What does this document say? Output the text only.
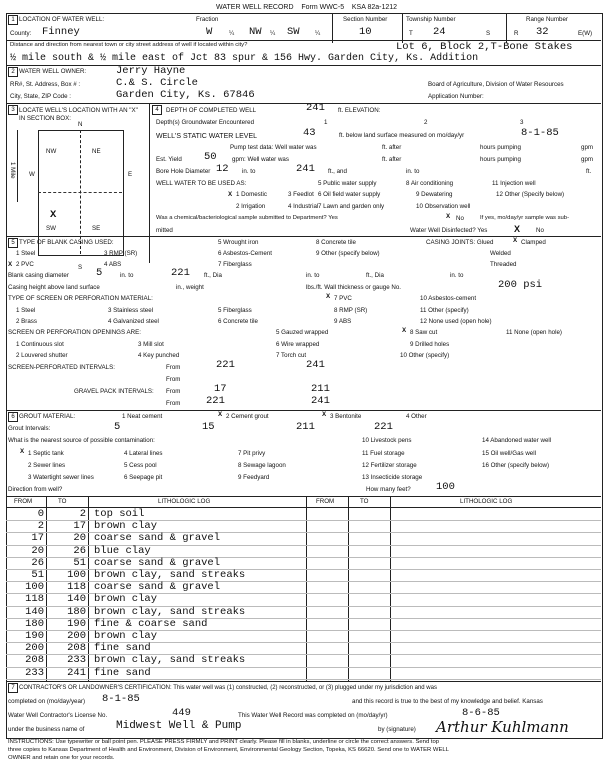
WATER WELL RECORD Form WWC-5 KSA 82a-1212
1 LOCATION OF WATER WELL:	Fraction	Section Number	Township Number	Range Number
County: Finney	W	¼ NW ¼ SW ¼	10	T 24	S	R 32	E(W)
Distance and direction from nearest town or city street address of well if located within city?	Lot 6, Block 2,T-Bone Stakes
½ mile south & ½ mile east of Jct 83 spur & 156 Hwy. Garden City, Ks. Addition
2 WATER WELL OWNER:	Jerry Hayne
RR#, St. Address, Box # :	C.& S. Circle	Board of Agriculture, Division of Water Resources
City, State, ZIP Code :	Garden City, Ks. 67846	Application Number:
3 LOCATE WELL'S LOCATION WITH AN "X" IN SECTION BOX:
N
S
W	E
1 Mile
NW	NE
SW	SE
X
4	DEPTH OF COMPLETED WELL	241 ft. ELEVATION:
Depth(s) Groundwater Encountered	1	2	3
WELL'S STATIC WATER LEVEL	43	ft. below land surface measured on mo/day/yr	8-1-85
Pump test data: Well water was	ft. after	hours pumping	gpm
Est. Yield 50 gpm: Well water was	ft. after	hours pumping	gpm
Bore Hole Diameter 12 in. to	241 ft., and	in. to	ft.
WELL WATER TO BE USED AS:
X 1 Domestic	3 Feedlot
5 Public water supply	8 Air conditioning	11 Injection well
2 Irrigation	4 Industrial
6 Oil field water supply	9 Dewatering	12 Other (Specify below)
7 Lawn and garden only	10 Observation well
Was a chemical/bacteriological sample submitted to Department? Yes	X No	If yes, mo/day/yr sample was sub-
mitted	Water Well Disinfected? Yes	X	No
5 TYPE OF BLANK CASING USED:
1 Steel	3 RMP (SR)
5 Wrought iron	8 Concrete tile
X 2 PVC	4 ABS
6 Asbestos-Cement	9 Other (specify below)
7 Fiberglass
CASING JOINTS: Glued	X Clamped
Welded
Threaded
Blank casing diameter	5	in. to	221 ft., Dia	in. to	ft., Dia	in. to
Casing height above land surface	in., weight	lbs./ft. Wall thickness or gauge No.	200 psi
TYPE OF SCREEN OR PERFORATION MATERIAL:
1 Steel	3 Stainless steel	5 Fiberglass
X 7 PVC	10 Asbestos-cement
2 Brass	4 Galvanized steel	6 Concrete tile
8 RMP (SR)	11 Other (specify)
9 ABS	12 None used (open hole)
SCREEN OR PERFORATION OPENINGS ARE:
1 Continuous slot	3 Mill slot
5 Gauzed wrapped	X 8 Saw cut	11 None (open hole)
2 Louvered shutter	4 Key punched
6 Wire wrapped	9 Drilled holes
7 Torch cut	10 Other (specify)
SCREEN-PERFORATED INTERVALS:	From	221	241
From
GRAVEL PACK INTERVALS: From	17	211
From 221	241
6 GROUT MATERIAL:	1 Neat cement	X 2 Cement grout	X 3 Bentonite	4 Other
Grout Intervals:	5	15	211	221
What is the nearest source of possible contamination:
X 1 Septic tank	4 Lateral lines	7 Pit privy
10 Livestock pens	14 Abandoned water well
2 Sewer lines	5 Cess pool	8 Sewage lagoon
11 Fuel storage	15 Oil well/Gas well
3 Watertight sewer lines	6 Seepage pit	9 Feedyard
12 Fertilizer storage	16 Other (specify below)
13 Insecticide storage
Direction from well?	How many feet? 100
FROM	TO	LITHOLOGIC LOG	FROM	TO	LITHOLOGIC LOG
0	2 top soil
2	17 brown clay
17	20 coarse sand & gravel
20	26 blue clay
26	51 coarse sand & gravel
51	100 brown clay, sand streaks
100	118 coarse sand & gravel
118	140 brown clay
140	180 brown clay, sand streaks
180	190 fine & coarse sand
190	200 brown clay
200	208 fine sand
208	233 brown clay, sand streaks
233	241 fine sand
7 CONTRACTOR'S OR LANDOWNER'S CERTIFICATION: This water well was (1) constructed, (2) reconstructed, or (3) plugged under my jurisdiction and was
completed on (mo/day/year) 8-1-85	and this record is true to the best of my knowledge and belief. Kansas
Water Well Contractor's License No.	449	This Water Well Record was completed on (mo/day/yr)	8-6-85
under the business name of	Midwest Well & Pump	by (signature) Arthur Kuhlmann
INSTRUCTIONS: Use typewriter or ball point pen. PLEASE PRESS FIRMLY and PRINT clearly. Please fill in blanks, underline or circle the correct answers. Send top
three copies to Kansas Department of Health and Environment, Division of Environment, Environmental Geology Section, Topeka, KS 66620. Send one to WATER WELL
OWNER and retain one for your records.
